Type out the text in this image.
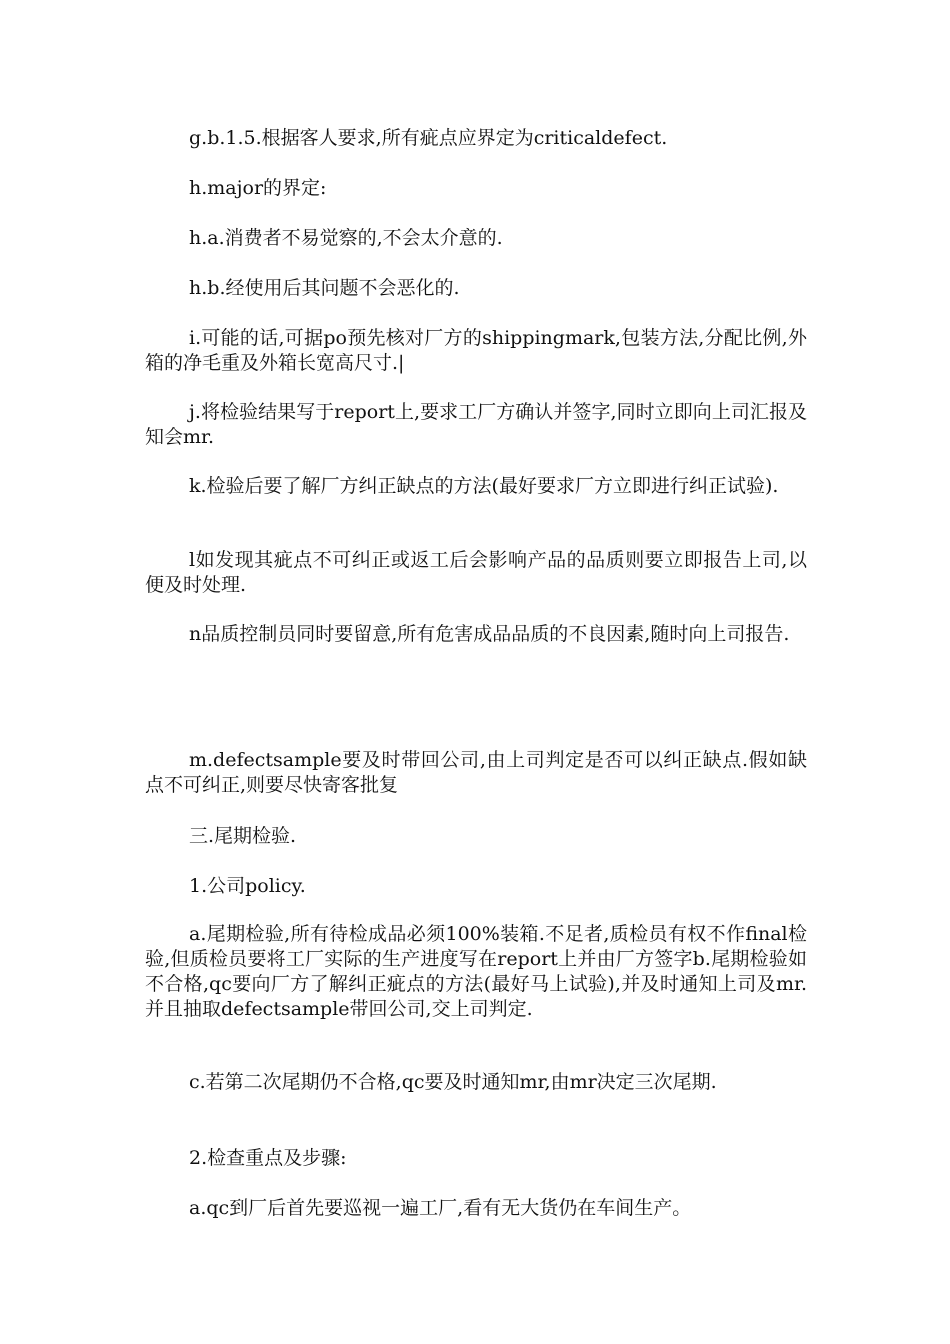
g.b.1.5.根据客人要求,所有疵点应界定为criticaldefect.

h.major的界定:

h.a.消费者不易觉察的,不会太介意的.

h.b.经使用后其问题不会恶化的.

i.可能的话,可据po预先核对厂方的shippingmark,包装方法,分配比例,外箱的净毛重及外箱长宽高尺寸.|

j.将检验结果写于report上,要求工厂方确认并签字,同时立即向上司汇报及知会mr.

k.检验后要了解厂方纠正缺点的方法(最好要求厂方立即进行纠正试验).

l如发现其疵点不可纠正或返工后会影响产品的品质则要立即报告上司,以便及时处理.

n品质控制员同时要留意,所有危害成品品质的不良因素,随时向上司报告.

m.defectsample要及时带回公司,由上司判定是否可以纠正缺点.假如缺点不可纠正,则要尽快寄客批复

三.尾期检验.

1.公司policy.

a.尾期检验,所有待检成品必须100%装箱.不足者,质检员有权不作final检验,但质检员要将工厂实际的生产进度写在report上并由厂方签字b.尾期检验如不合格,qc要向厂方了解纠正疵点的方法(最好马上试验),并及时通知上司及mr.并且抽取defectsample带回公司,交上司判定.

c.若第二次尾期仍不合格,qc要及时通知mr,由mr决定三次尾期.

2.检查重点及步骤:

a.qc到厂后首先要巡视一遍工厂,看有无大货仍在车间生产。
